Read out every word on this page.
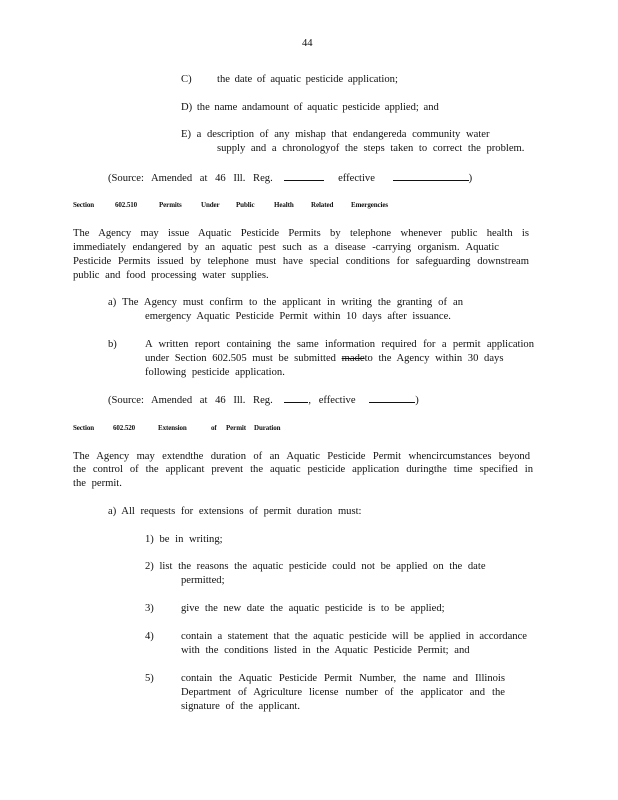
44
C) the date of aquatic pesticide application;
D) the name andamount of aquatic pesticide applied; and
E) a description of any mishap that endangereda community water
supply and a chronologyof the steps taken to correct the problem.
(Source: Amended at 46 Ill. Reg.	effective	)
Section	602.510	Permits	Under Public	Health Related	Emergencies
The Agency may issue Aquatic Pesticide Permits by telephone whenever public health is
immediately endangered by an aquatic pest such as a disease -carrying organism. Aquatic
Pesticide Permits issued by telephone must have special conditions for safeguarding downstream
public and food processing water supplies.
a) The Agency must confirm to the applicant in writing the granting of an
emergency Aquatic Pesticide Permit within 10 days after issuance.
b)	A written report containing the same information required for a permit application
under Section 602.505 must be submitted madeto the Agency within 30 days
following pesticide application.
(Source: Amended at 46 Ill. Reg.	, effective	)
Section	602.520	Extension	of Permit Duration
The Agency may extendthe duration of an Aquatic Pesticide Permit whencircumstances beyond
the control of the applicant prevent the aquatic pesticide application duringthe time specified in
the permit.
a) All requests for extensions of permit duration must:
1) be in writing;
2) list the reasons the aquatic pesticide could not be applied on the date
permitted;
3)	give the new date the aquatic pesticide is to be applied;
4)	contain a statement that the aquatic pesticide will be applied in accordance
with the conditions listed in the Aquatic Pesticide Permit; and
5)	contain the Aquatic Pesticide Permit Number, the name and Illinois
Department of Agriculture license number of the applicator and the
signature of the applicant.
